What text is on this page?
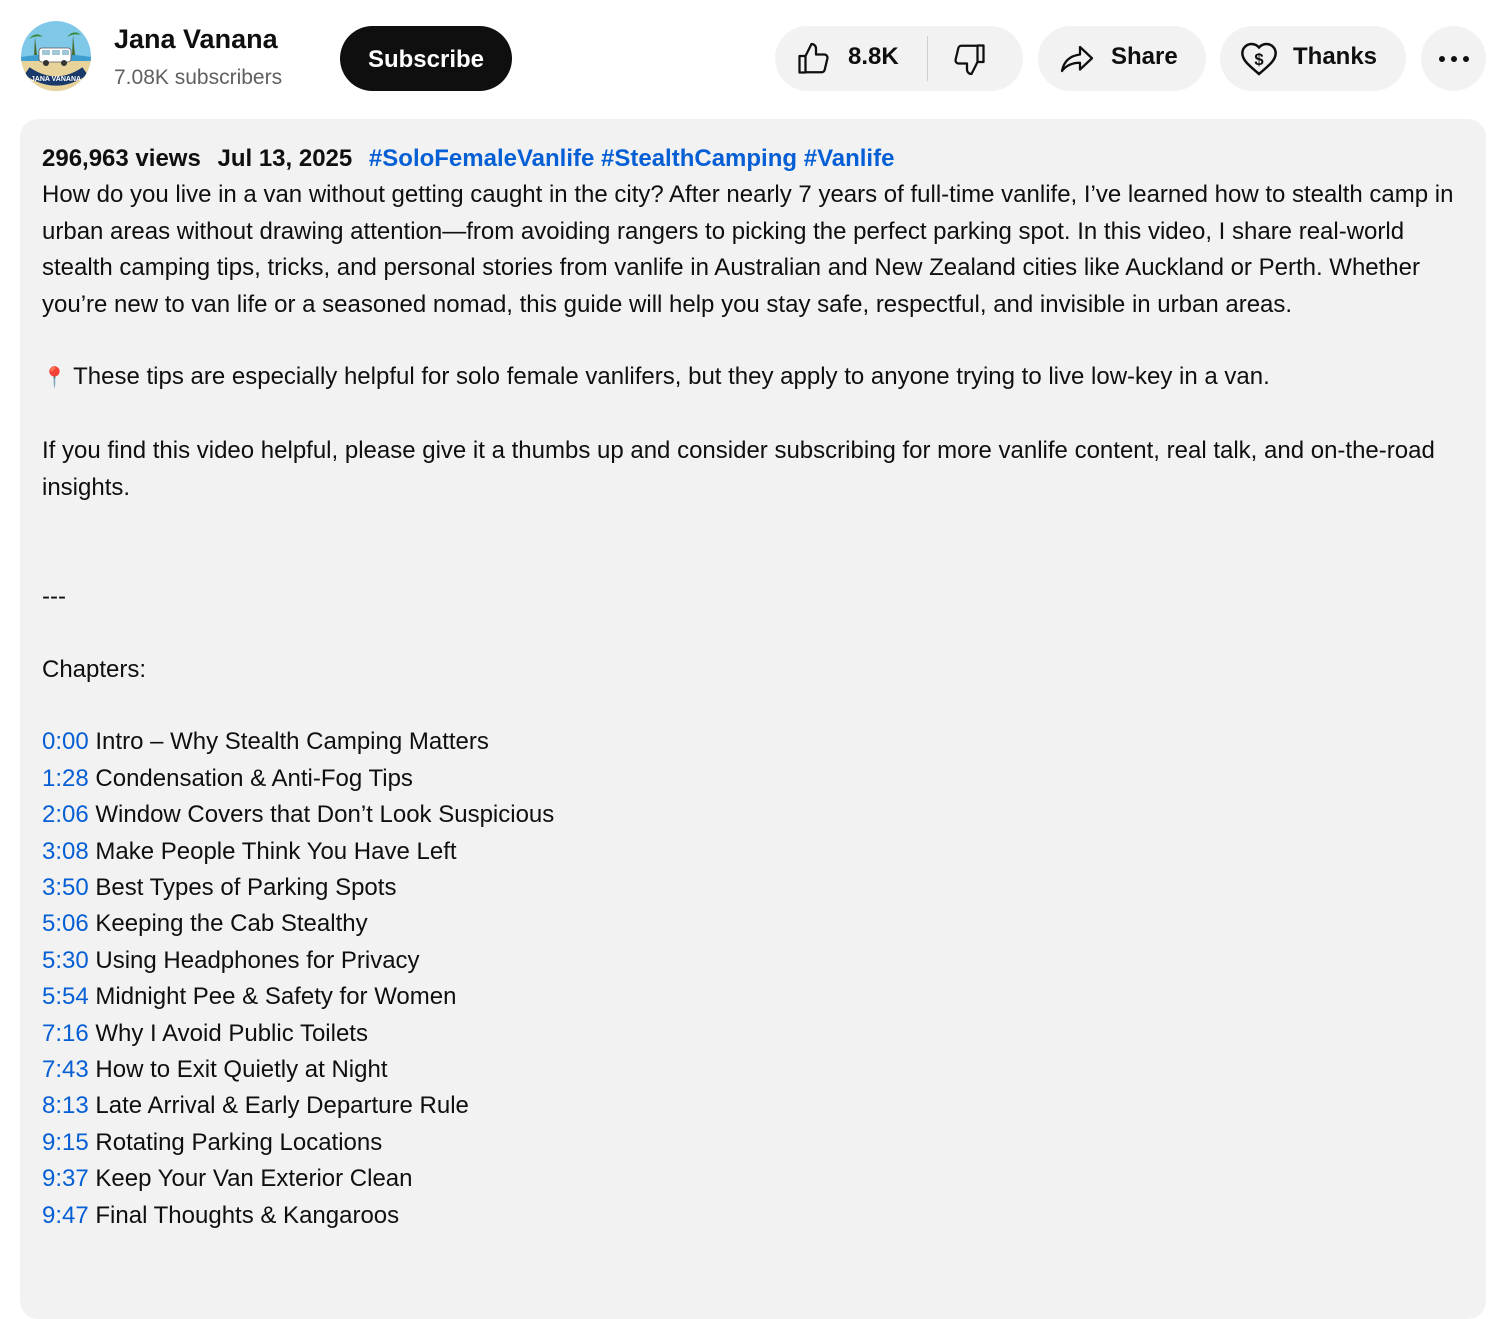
JANA VANANA
Jana Vanana
7.08K subscribers
Subscribe	8.8K	Share	$ Thanks
296,963 views Jul 13, 2025 #SoloFemaleVanlife #StealthCamping #Vanlife

How do you live in a van without getting caught in the city? After nearly 7 years of full-time vanlife, I’ve learned how to stealth camp in urban areas without drawing attention—from avoiding rangers to picking the perfect parking spot. In this video, I share real-world stealth camping tips, tricks, and personal stories from vanlife in Australian and New Zealand cities like Auckland or Perth. Whether you’re new to van life or a seasoned nomad, this guide will help you stay safe, respectful, and invisible in urban areas.

📍 These tips are especially helpful for solo female vanlifers, but they apply to anyone trying to live low-key in a van.

If you find this video helpful, please give it a thumbs up and consider subscribing for more vanlife content, real talk, and on-the-road insights.

---

Chapters:

0:00 Intro – Why Stealth Camping Matters
1:28 Condensation & Anti-Fog Tips
2:06 Window Covers that Don’t Look Suspicious
3:08 Make People Think You Have Left
3:50 Best Types of Parking Spots
5:06 Keeping the Cab Stealthy
5:30 Using Headphones for Privacy
5:54 Midnight Pee & Safety for Women
7:16 Why I Avoid Public Toilets
7:43 How to Exit Quietly at Night
8:13 Late Arrival & Early Departure Rule
9:15 Rotating Parking Locations
9:37 Keep Your Van Exterior Clean
9:47 Final Thoughts & Kangaroos
